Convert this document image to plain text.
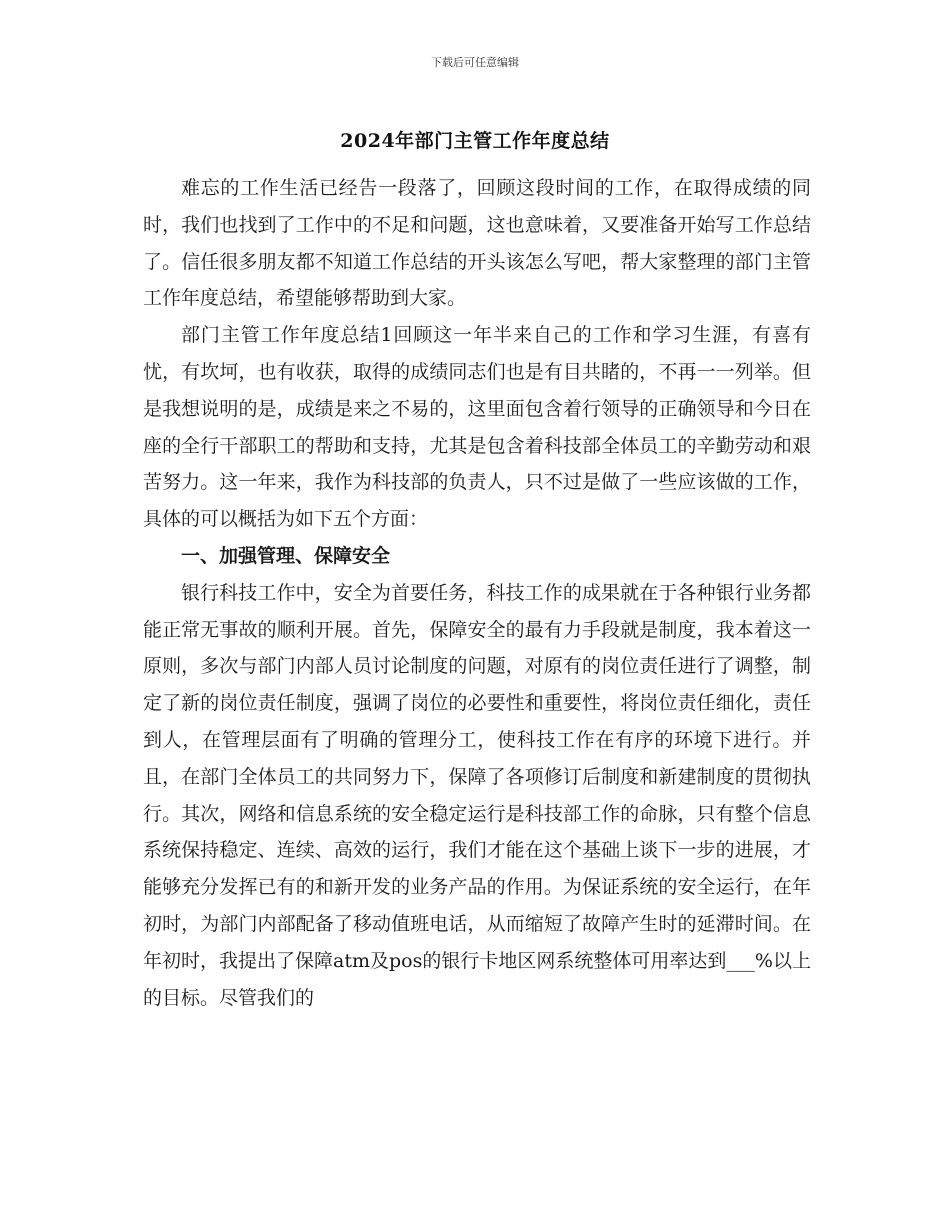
下载后可任意编辑
2024年部门主管工作年度总结

难忘的工作生活已经告一段落了，回顾这段时间的工作，在取得成绩的同时，我们也找到了工作中的不足和问题，这也意味着，又要准备开始写工作总结了。信任很多朋友都不知道工作总结的开头该怎么写吧，帮大家整理的部门主管工作年度总结，希望能够帮助到大家。

部门主管工作年度总结1回顾这一年半来自己的工作和学习生涯，有喜有忧，有坎坷，也有收获，取得的成绩同志们也是有目共睹的，不再一一列举。但是我想说明的是，成绩是来之不易的，这里面包含着行领导的正确领导和今日在座的全行干部职工的帮助和支持，尤其是包含着科技部全体员工的辛勤劳动和艰苦努力。这一年来，我作为科技部的负责人，只不过是做了一些应该做的工作，具体的可以概括为如下五个方面：

一、加强管理、保障安全

银行科技工作中，安全为首要任务，科技工作的成果就在于各种银行业务都能正常无事故的顺利开展。首先，保障安全的最有力手段就是制度，我本着这一原则，多次与部门内部人员讨论制度的问题，对原有的岗位责任进行了调整，制定了新的岗位责任制度，强调了岗位的必要性和重要性，将岗位责任细化，责任到人，在管理层面有了明确的管理分工，使科技工作在有序的环境下进行。并且，在部门全体员工的共同努力下，保障了各项修订后制度和新建制度的贯彻执行。其次，网络和信息系统的安全稳定运行是科技部工作的命脉，只有整个信息系统保持稳定、连续、高效的运行，我们才能在这个基础上谈下一步的进展，才能够充分发挥已有的和新开发的业务产品的作用。为保证系统的安全运行，在年初时，为部门内部配备了移动值班电话，从而缩短了故障产生时的延滞时间。在年初时，我提出了保障atm及pos的银行卡地区网系统整体可用率达到___%以上的目标。尽管我们的
